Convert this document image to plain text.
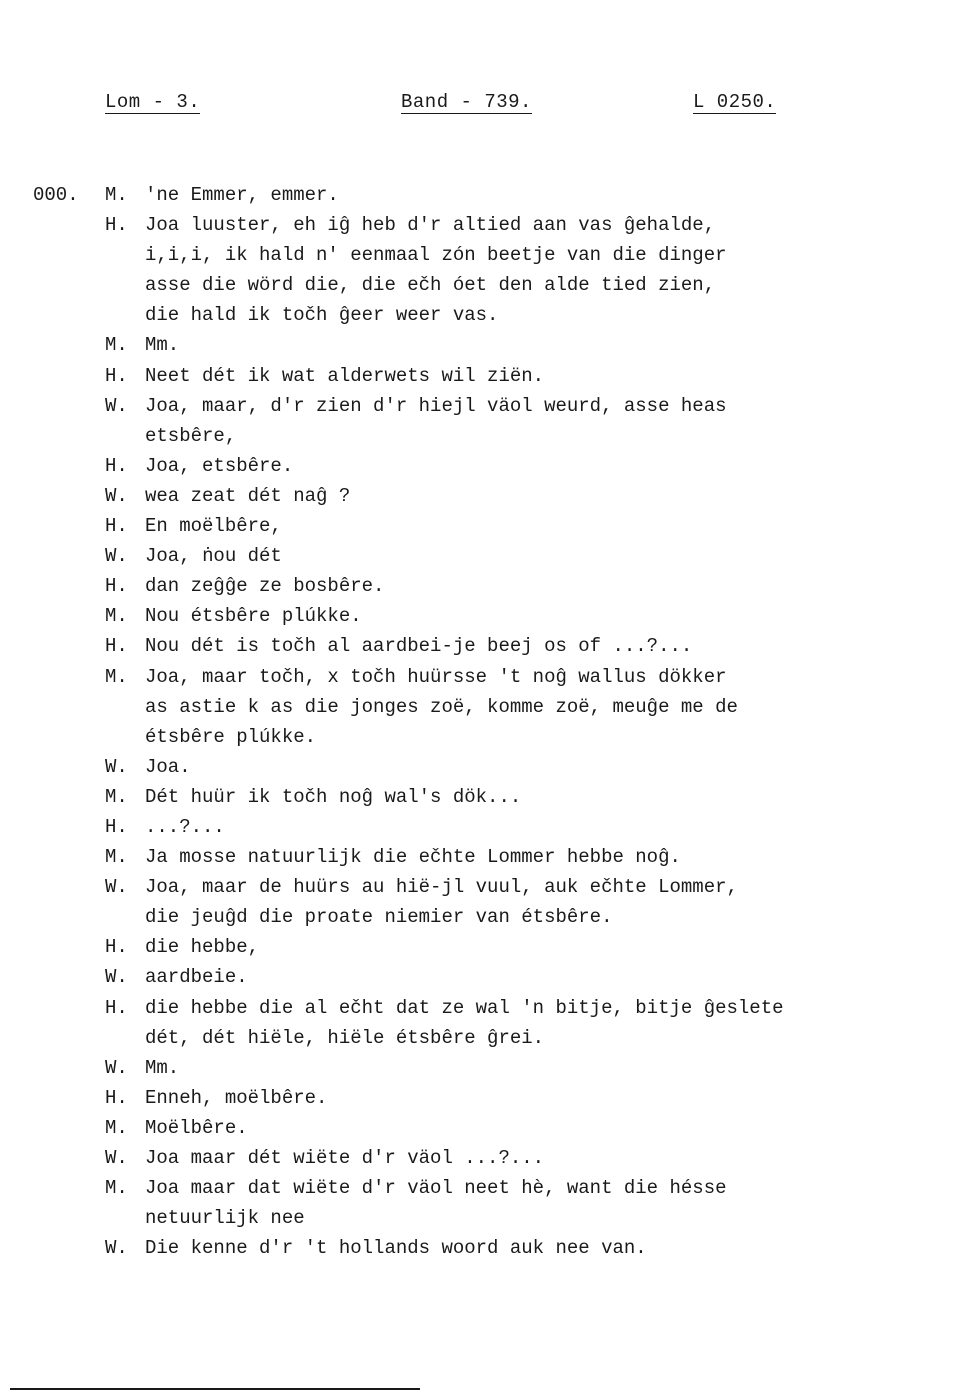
Lom - 3.	Band - 739.	L 0250.
000. M. 'ne Emmer, emmer.
H. Joa luuster, eh iĝ heb d'r altied aan vas ĝehalde,
i,i,i, ik hald n' eenmaal zón beetje van die dinger
asse die wörd die, die ečh óet den alde tied zien,
die hald ik točh ĝeer weer vas.
M. Mm.
H. Neet dét ik wat alderwets wil ziën.
W. Joa, maar, d'r zien d'r hiejl väol weurd, asse heas
etsbêre,
H. Joa, etsbêre.
W. wea zeat dét naĝ ?
H. En moëlbêre,
W. Joa, ṅou dét
H. dan zeĝĝe ze bosbêre.
M. Nou étsbêre plúkke.
H. Nou dét is točh al aardbei-je beej os of ...?...
M. Joa, maar točh, x točh huürsse 't noĝ wallus dökker
as astie k as die jonges zoë, komme zoë, meuĝe me de
étsbêre plúkke.
W. Joa.
M. Dét huür ik točh noĝ wal's dök...
H. ...?...
M. Ja mosse natuurlijk die ečhte Lommer hebbe noĝ.
W. Joa, maar de huürs au hië-jl vuul, auk ečhte Lommer,
die jeuĝd die proate niemier van étsbêre.
H. die hebbe,
W. aardbeie.
H. die hebbe die al ečht dat ze wal 'n bitje, bitje ĝeslete
dét, dét hiële, hiële étsbêre ĝrei.
W. Mm.
H. Enneh, moëlbêre.
M. Moëlbêre.
W. Joa maar dét wiëte d'r väol ...?...
M. Joa maar dat wiëte d'r väol neet hè, want die hésse
netuurlijk nee
W. Die kenne d'r 't hollands woord auk nee van.
